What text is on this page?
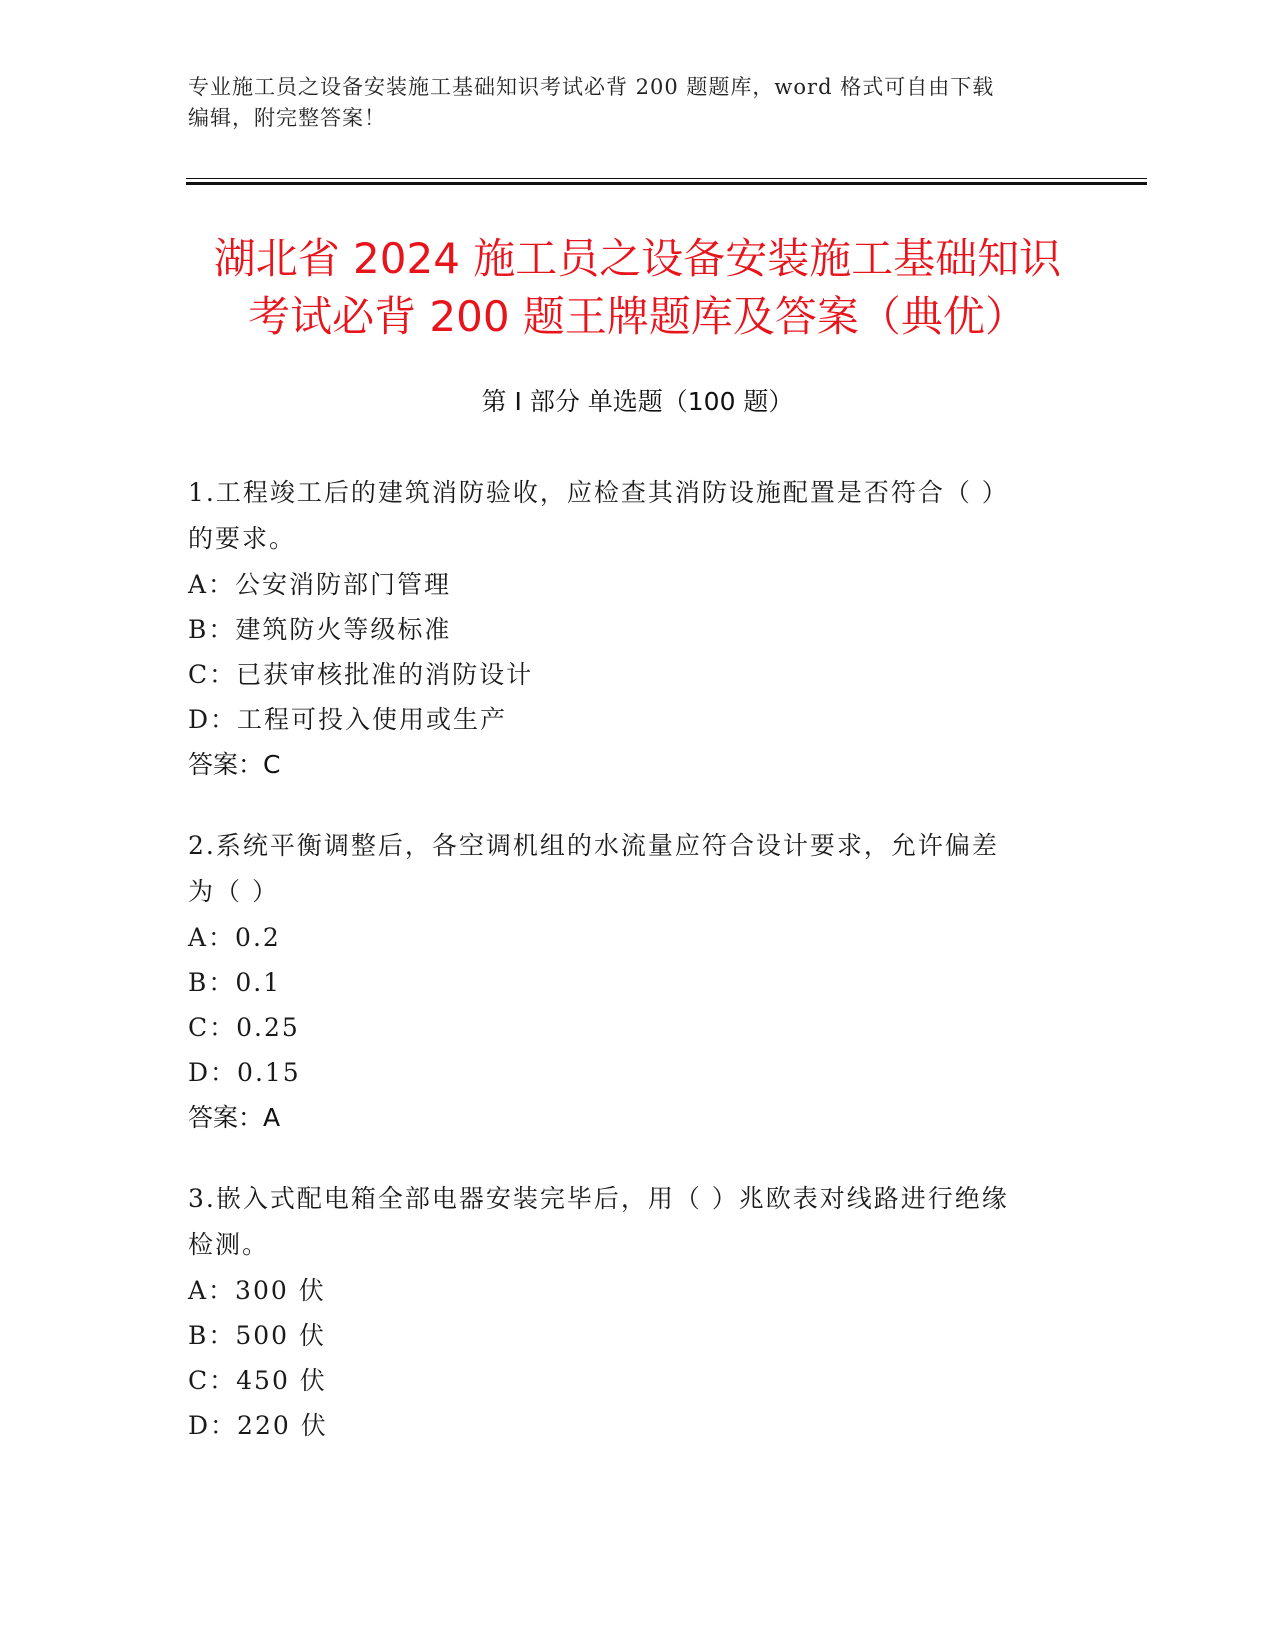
专业施工员之设备安装施工基础知识考试必背 200 题题库，word 格式可自由下载
编辑，附完整答案！
湖北省 2024 施工员之设备安装施工基础知识
考试必背 200 题王牌题库及答案（典优）
第 I 部分 单选题（100 题）
1.工程竣工后的建筑消防验收，应检查其消防设施配置是否符合（ ）
的要求。
A：公安消防部门管理
B：建筑防火等级标准
C：已获审核批准的消防设计
D：工程可投入使用或生产
答案：C
2.系统平衡调整后，各空调机组的水流量应符合设计要求，允许偏差
为（ ）
A：0.2
B：0.1
C：0.25
D：0.15
答案：A
3.嵌入式配电箱全部电器安装完毕后，用（ ）兆欧表对线路进行绝缘
检测。
A：300 伏
B：500 伏
C：450 伏
D：220 伏
